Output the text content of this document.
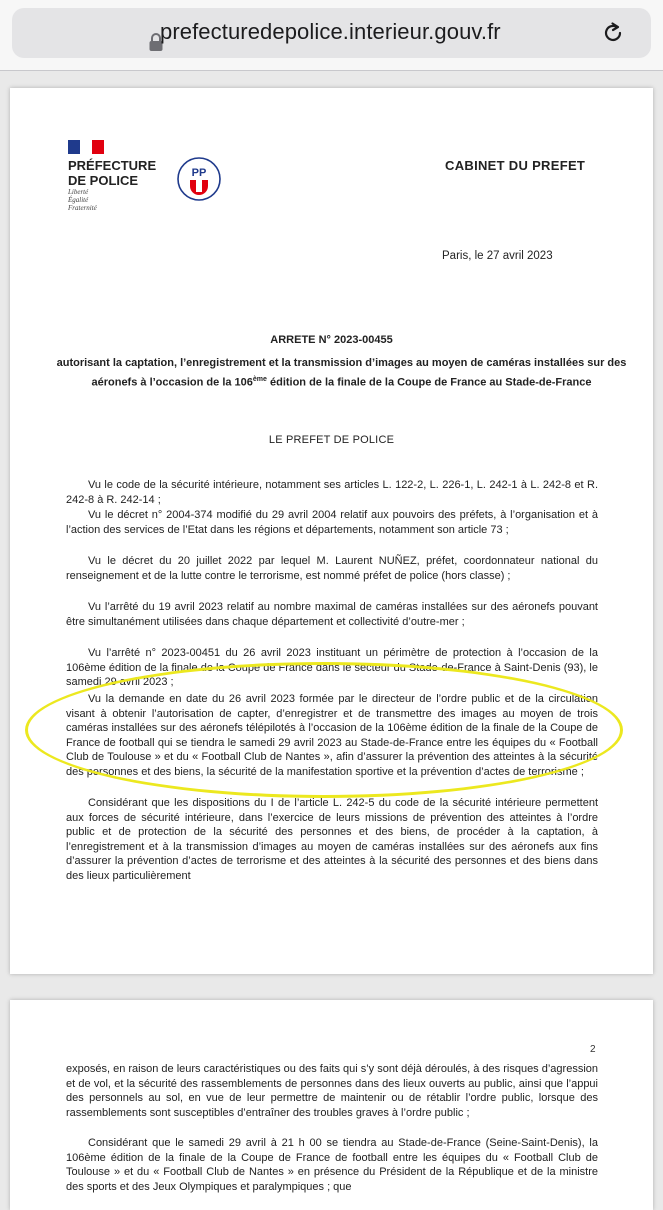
prefecturedepolice.interieur.gouv.fr
PRÉFECTURE
DE POLICE
Liberté
Égalité
Fraternité
PP	CABINET DU PREFET
Paris, le 27 avril 2023
ARRETE N° 2023-00455
autorisant la captation, l’enregistrement et la transmission d’images au moyen de caméras installées sur des aéronefs à l’occasion de la 106ème édition de la finale de la Coupe de France au Stade-de-France
LE PREFET DE POLICE
Vu le code de la sécurité intérieure, notamment ses articles L. 122-2, L. 226-1, L. 242-1 à L. 242-8 et R. 242-8 à R. 242-14 ;
Vu le décret n° 2004-374 modifié du 29 avril 2004 relatif aux pouvoirs des préfets, à l’organisation et à l’action des services de l’Etat dans les régions et départements, notamment son article 73 ;
Vu le décret du 20 juillet 2022 par lequel M. Laurent NUÑEZ, préfet, coordonnateur national du renseignement et de la lutte contre le terrorisme, est nommé préfet de police (hors classe) ;
Vu l’arrêté du 19 avril 2023 relatif au nombre maximal de caméras installées sur des aéronefs pouvant être simultanément utilisées dans chaque département et collectivité d’outre-mer ;
Vu l’arrêté n° 2023-00451 du 26 avril 2023 instituant un périmètre de protection à l’occasion de la 106ème édition de la finale de la Coupe de France dans le secteur du Stade-de-France à Saint-Denis (93), le samedi 29 avril 2023 ;
Vu la demande en date du 26 avril 2023 formée par le directeur de l’ordre public et de la circulation visant à obtenir l’autorisation de capter, d’enregistrer et de transmettre des images au moyen de trois caméras installées sur des aéronefs télépilotés à l’occasion de la 106ème édition de la finale de la Coupe de France de football qui se tiendra le samedi 29 avril 2023 au Stade-de-France entre les équipes du « Football Club de Toulouse » et du « Football Club de Nantes », afin d’assurer la prévention des atteintes à la sécurité des personnes et des biens, la sécurité de la manifestation sportive et la prévention d’actes de terrorisme ;
Considérant que les dispositions du I de l’article L. 242-5 du code de la sécurité intérieure permettent aux forces de sécurité intérieure, dans l’exercice de leurs missions de prévention des atteintes à l’ordre public et de protection de la sécurité des personnes et des biens, de procéder à la captation, à l’enregistrement et à la transmission d’images au moyen de caméras installées sur des aéronefs aux fins d’assurer la prévention d’actes de terrorisme et des atteintes à la sécurité des personnes et des biens dans des lieux particulièrement
2
exposés, en raison de leurs caractéristiques ou des faits qui s’y sont déjà déroulés, à des risques d’agression et de vol, et la sécurité des rassemblements de personnes dans des lieux ouverts au public, ainsi que l’appui des personnels au sol, en vue de leur permettre de maintenir ou de rétablir l’ordre public, lorsque des rassemblements sont susceptibles d’entraîner des troubles graves à l’ordre public ;
Considérant que le samedi 29 avril à 21 h 00 se tiendra au Stade-de-France (Seine-Saint-Denis), la 106ème édition de la finale de la Coupe de France de football entre les équipes du « Football Club de Toulouse » et du « Football Club de Nantes » en présence du Président de la République et de la ministre des sports et des Jeux Olympiques et paralympiques ; que
